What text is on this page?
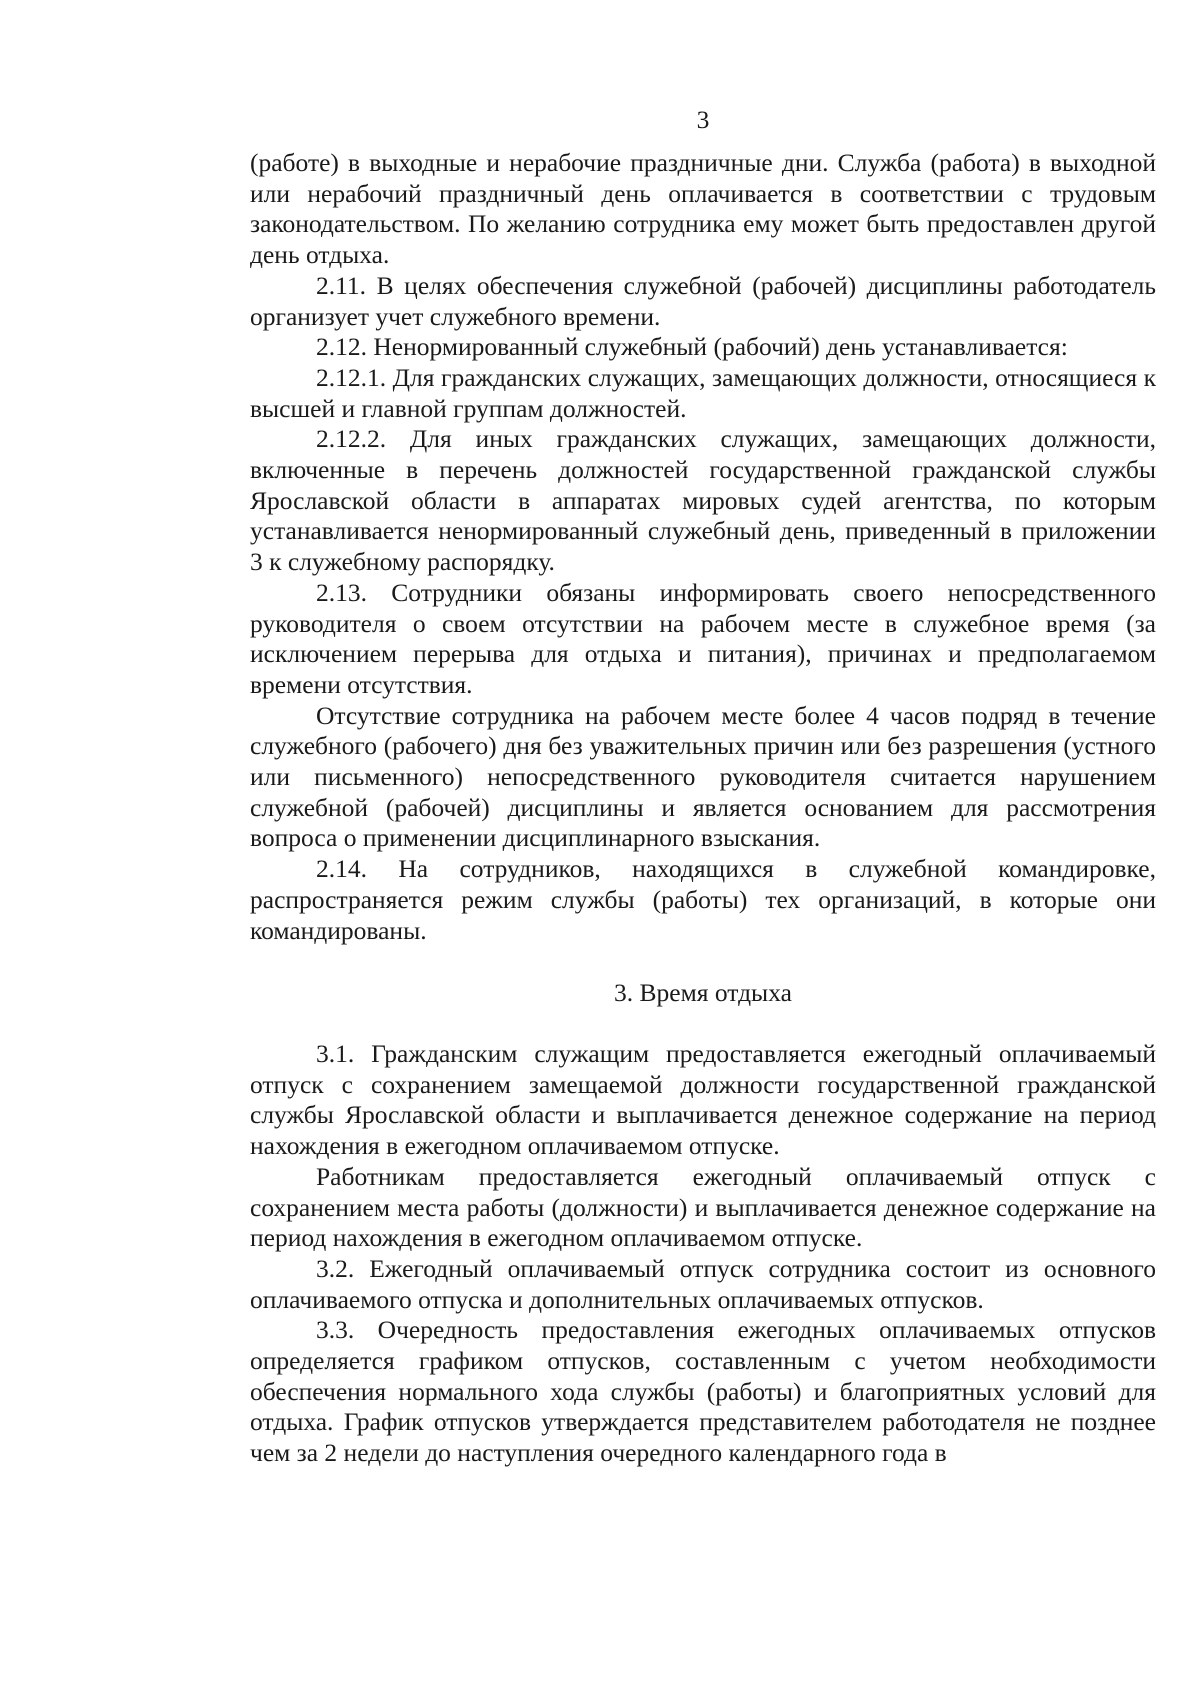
3

(работе) в выходные и нерабочие праздничные дни. Служба (работа) в выходной или нерабочий праздничный день оплачивается в соответствии с трудовым законодательством. По желанию сотрудника ему может быть предоставлен другой день отдыха.

2.11. В целях обеспечения служебной (рабочей) дисциплины работодатель организует учет служебного времени.

2.12. Ненормированный служебный (рабочий) день устанавливается:

2.12.1. Для гражданских служащих, замещающих должности, относящиеся к высшей и главной группам должностей.

2.12.2. Для иных гражданских служащих, замещающих должности, включенные в перечень должностей государственной гражданской службы Ярославской области в аппаратах мировых судей агентства, по которым устанавливается ненормированный служебный день, приведенный в приложении 3 к служебному распорядку.

2.13. Сотрудники обязаны информировать своего непосредственного руководителя о своем отсутствии на рабочем месте в служебное время (за исключением перерыва для отдыха и питания), причинах и предполагаемом времени отсутствия.

Отсутствие сотрудника на рабочем месте более 4 часов подряд в течение служебного (рабочего) дня без уважительных причин или без разрешения (устного или письменного) непосредственного руководителя считается нарушением служебной (рабочей) дисциплины и является основанием для рассмотрения вопроса о применении дисциплинарного взыскания.

2.14. На сотрудников, находящихся в служебной командировке, распространяется режим службы (работы) тех организаций, в которые они командированы.

3. Время отдыха

3.1. Гражданским служащим предоставляется ежегодный оплачиваемый отпуск с сохранением замещаемой должности государственной гражданской службы Ярославской области и выплачивается денежное содержание на период нахождения в ежегодном оплачиваемом отпуске.

Работникам предоставляется ежегодный оплачиваемый отпуск с сохранением места работы (должности) и выплачивается денежное содержание на период нахождения в ежегодном оплачиваемом отпуске.

3.2. Ежегодный оплачиваемый отпуск сотрудника состоит из основного оплачиваемого отпуска и дополнительных оплачиваемых отпусков.

3.3. Очередность предоставления ежегодных оплачиваемых отпусков определяется графиком отпусков, составленным с учетом необходимости обеспечения нормального хода службы (работы) и благоприятных условий для отдыха. График отпусков утверждается представителем работодателя не позднее чем за 2 недели до наступления очередного календарного года в
